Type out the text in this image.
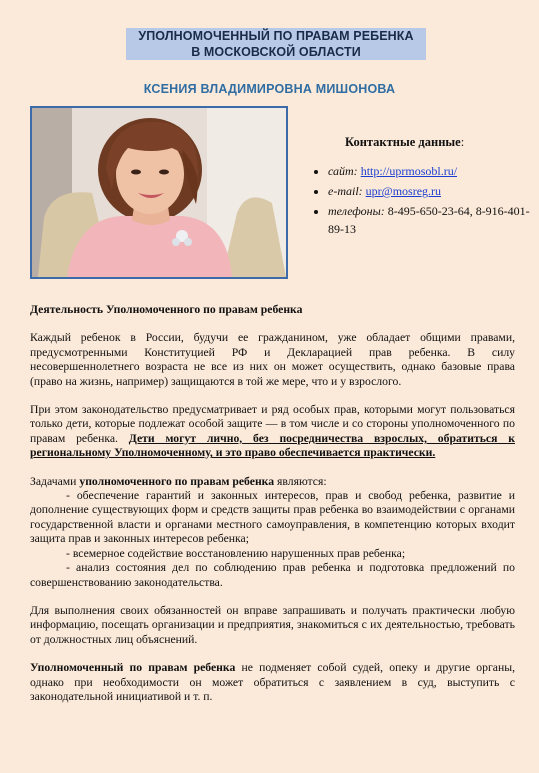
УПОЛНОМОЧЕННЫЙ ПО ПРАВАМ РЕБЕНКА
В МОСКОВСКОЙ ОБЛАСТИ
КСЕНИЯ ВЛАДИМИРОВНА МИШОНОВА
Контактные данные:
• сайт: http://uprmosobl.ru/
• e-mail: upr@mosreg.ru
• телефоны: 8-495-650-23-64, 8-916-401-89-13

Деятельность Уполномоченного по правам ребенка

Каждый ребенок в России, будучи ее гражданином, уже обладает общими правами, предусмотренными Конституцией РФ и Декларацией прав ребенка. В силу несовершеннолетнего возраста не все из них он может осуществить, однако базовые права (право на жизнь, например) защищаются в той же мере, что и у взрослого.

При этом законодательство предусматривает и ряд особых прав, которыми могут пользоваться только дети, которые подлежат особой защите — в том числе и со стороны уполномоченного по правам ребенка. Дети могут лично, без посредничества взрослых, обратиться к региональному Уполномоченному, и это право обеспечивается практически.

Задачами уполномоченного по правам ребенка являются:

- обеспечение гарантий и законных интересов, прав и свобод ребенка, развитие и дополнение существующих форм и средств защиты прав ребенка во взаимодействии с органами государственной власти и органами местного самоуправления, в компетенцию которых входит защита прав и законных интересов ребенка;

- всемерное содействие восстановлению нарушенных прав ребенка;

- анализ состояния дел по соблюдению прав ребенка и подготовка предложений по совершенствованию законодательства.

Для выполнения своих обязанностей он вправе запрашивать и получать практически любую информацию, посещать организации и предприятия, знакомиться с их деятельностью, требовать от должностных лиц объяснений.

Уполномоченный по правам ребенка не подменяет собой судей, опеку и другие органы, однако при необходимости он может обратиться с заявлением в суд, выступить с законодательной инициативой и т. п.
